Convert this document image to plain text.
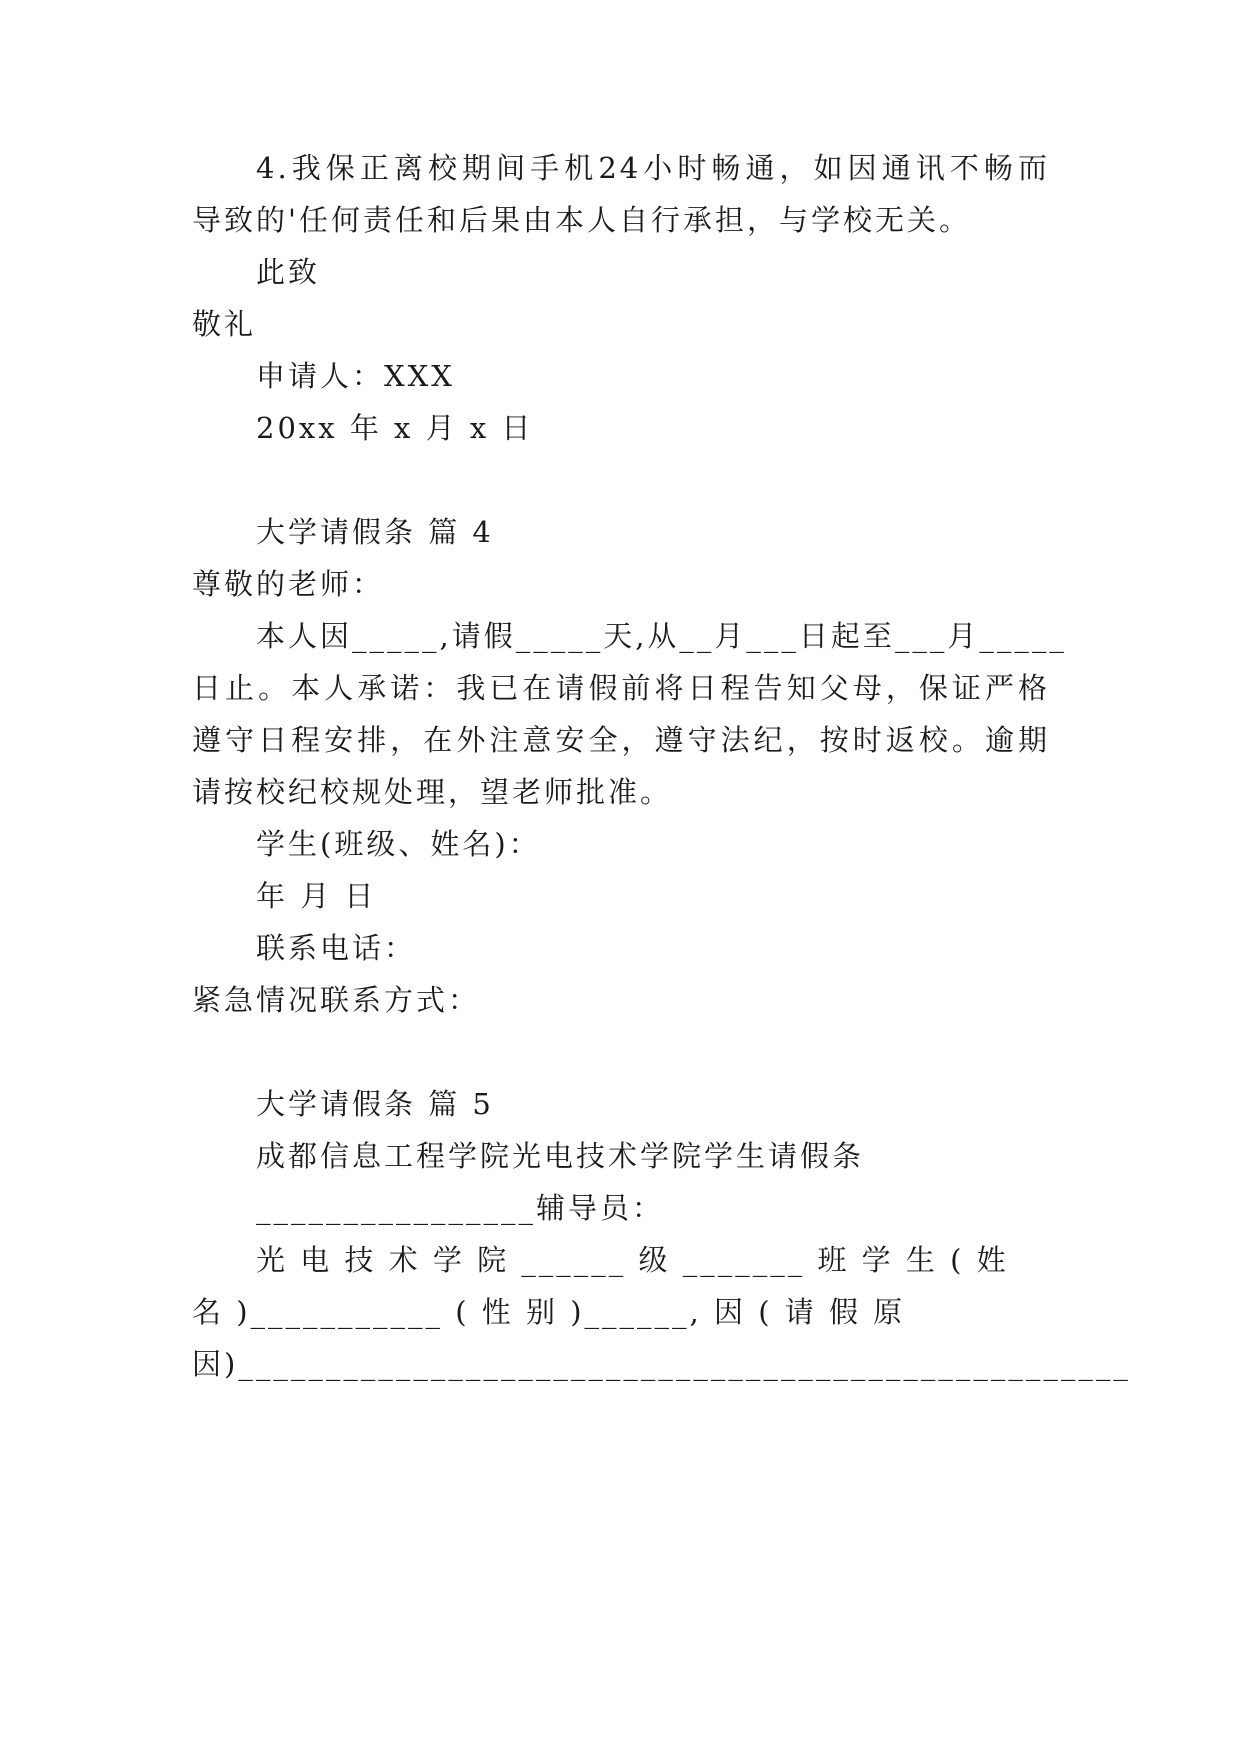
4.我保正离校期间手机24小时畅通，如因通讯不畅而
导致的'任何责任和后果由本人自行承担，与学校无关。
此致
敬礼
申请人：XXX
20xx 年 x 月 x 日
大学请假条 篇 4
尊敬的老师：
本人因_____,请假_____天,从__月___日起至___月_____
日止。本人承诺：我已在请假前将日程告知父母，保证严格
遵守日程安排，在外注意安全，遵守法纪，按时返校。逾期
请按校纪校规处理，望老师批准。
学生(班级、姓名)：
年 月 日
联系电话：
紧急情况联系方式：
大学请假条 篇 5
成都信息工程学院光电技术学院学生请假条
________________辅导员：
光 电 技 术 学 院 ______ 级 _______ 班 学 生 ( 姓
名 )___________ ( 性 别 )______, 因 ( 请 假 原
因)___________________________________________________
